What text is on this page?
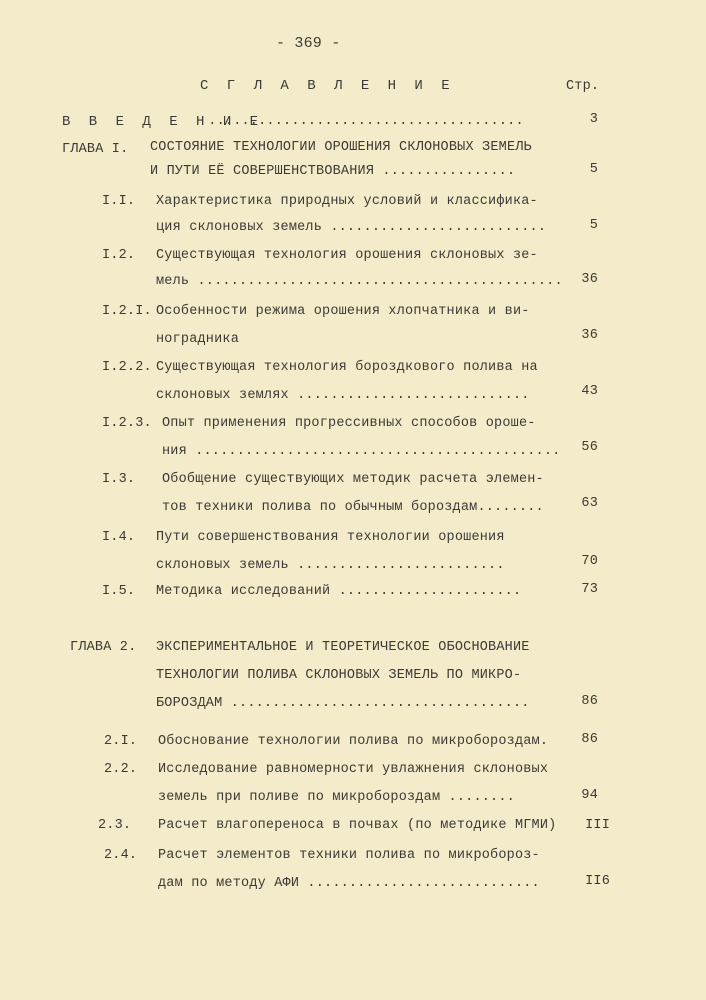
- 369 -
С Г Л А В Л Е Н И Е	Стр.
В В Е Д Е Н И Е
......................................	3
ГЛАВА I. СОСТОЯНИЕ ТЕХНОЛОГИИ ОРОШЕНИЯ СКЛОНОВЫХ ЗЕМЕЛЬ
И ПУТИ ЕЁ СОВЕРШЕНСТВОВАНИЯ ................	5
I.I. Характеристика природных условий и классифика-
ция склоновых земель ..........................	5
I.2. Существующая технология орошения склоновых зе-
мель ............................................	36
I.2.I. Особенности режима орошения хлопчатника и ви-
ноградника	36
I.2.2. Существующая технология бороздкового полива на
склоновых землях ............................	43
I.2.3. Опыт применения прогрессивных способов ороше-
ния ............................................	56
I.3. Обобщение существующих методик расчета элемен-
тов техники полива по обычным бороздам........	63
I.4. Пути совершенствования технологии орошения
склоновых земель .........................	70
I.5. Методика исследований ......................	73
ГЛАВА 2. ЭКСПЕРИМЕНТАЛЬНОЕ И ТЕОРЕТИЧЕСКОЕ ОБОСНОВАНИЕ
ТЕХНОЛОГИИ ПОЛИВА СКЛОНОВЫХ ЗЕМЕЛЬ ПО МИКРО-
БОРОЗДАМ ....................................	86
2.I. Обоснование технологии полива по микробороздам.	86
2.2. Исследование равномерности увлажнения склоновых
земель при поливе по микробороздам ........	94
2.3. Расчет влагопереноса в почвах (по методике МГМИ)	III
2.4. Расчет элементов техники полива по микробороз-
дам по методу АФИ ............................	II6
